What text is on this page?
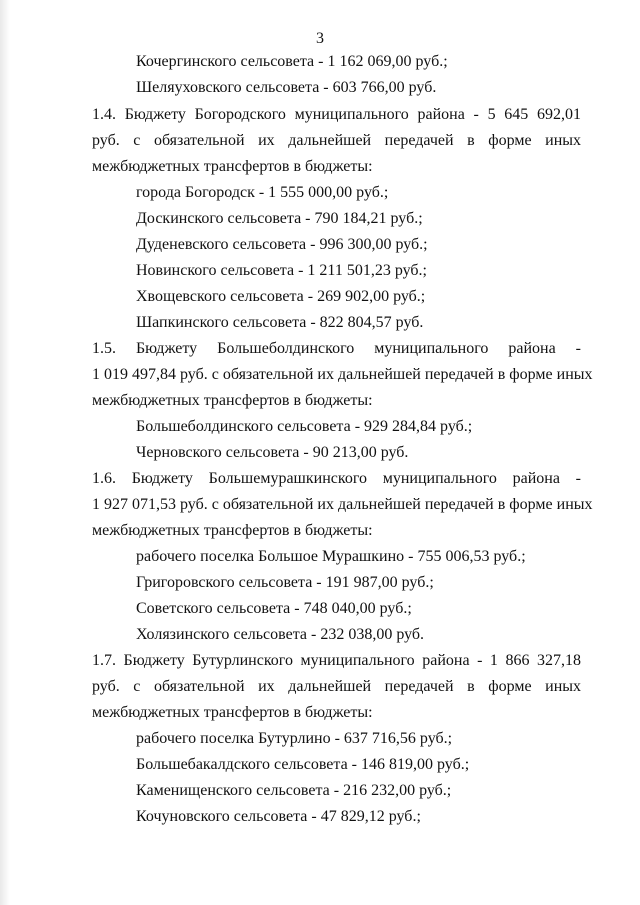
3
Кочергинского сельсовета - 1 162 069,00 руб.;
Шеляуховского сельсовета - 603 766,00 руб.
1.4. Бюджету Богородского муниципального района - 5 645 692,01
руб. с обязательной их дальнейшей передачей в форме иных
межбюджетных трансфертов в бюджеты:
города Богородск - 1 555 000,00 руб.;
Доскинского сельсовета - 790 184,21 руб.;
Дуденевского сельсовета - 996 300,00 руб.;
Новинского сельсовета - 1 211 501,23 руб.;
Хвощевского сельсовета - 269 902,00 руб.;
Шапкинского сельсовета - 822 804,57 руб.
1.5. Бюджету Большеболдинского муниципального района -
1 019 497,84 руб. с обязательной их дальнейшей передачей в форме иных
межбюджетных трансфертов в бюджеты:
Большеболдинского сельсовета - 929 284,84 руб.;
Черновского сельсовета - 90 213,00 руб.
1.6. Бюджету Большемурашкинского муниципального района -
1 927 071,53 руб. с обязательной их дальнейшей передачей в форме иных
межбюджетных трансфертов в бюджеты:
рабочего поселка Большое Мурашкино - 755 006,53 руб.;
Григоровского сельсовета - 191 987,00 руб.;
Советского сельсовета - 748 040,00 руб.;
Холязинского сельсовета - 232 038,00 руб.
1.7. Бюджету Бутурлинского муниципального района - 1 866 327,18
руб. с обязательной их дальнейшей передачей в форме иных
межбюджетных трансфертов в бюджеты:
рабочего поселка Бутурлино - 637 716,56 руб.;
Большебакалдского сельсовета - 146 819,00 руб.;
Каменищенского сельсовета - 216 232,00 руб.;
Кочуновского сельсовета - 47 829,12 руб.;
